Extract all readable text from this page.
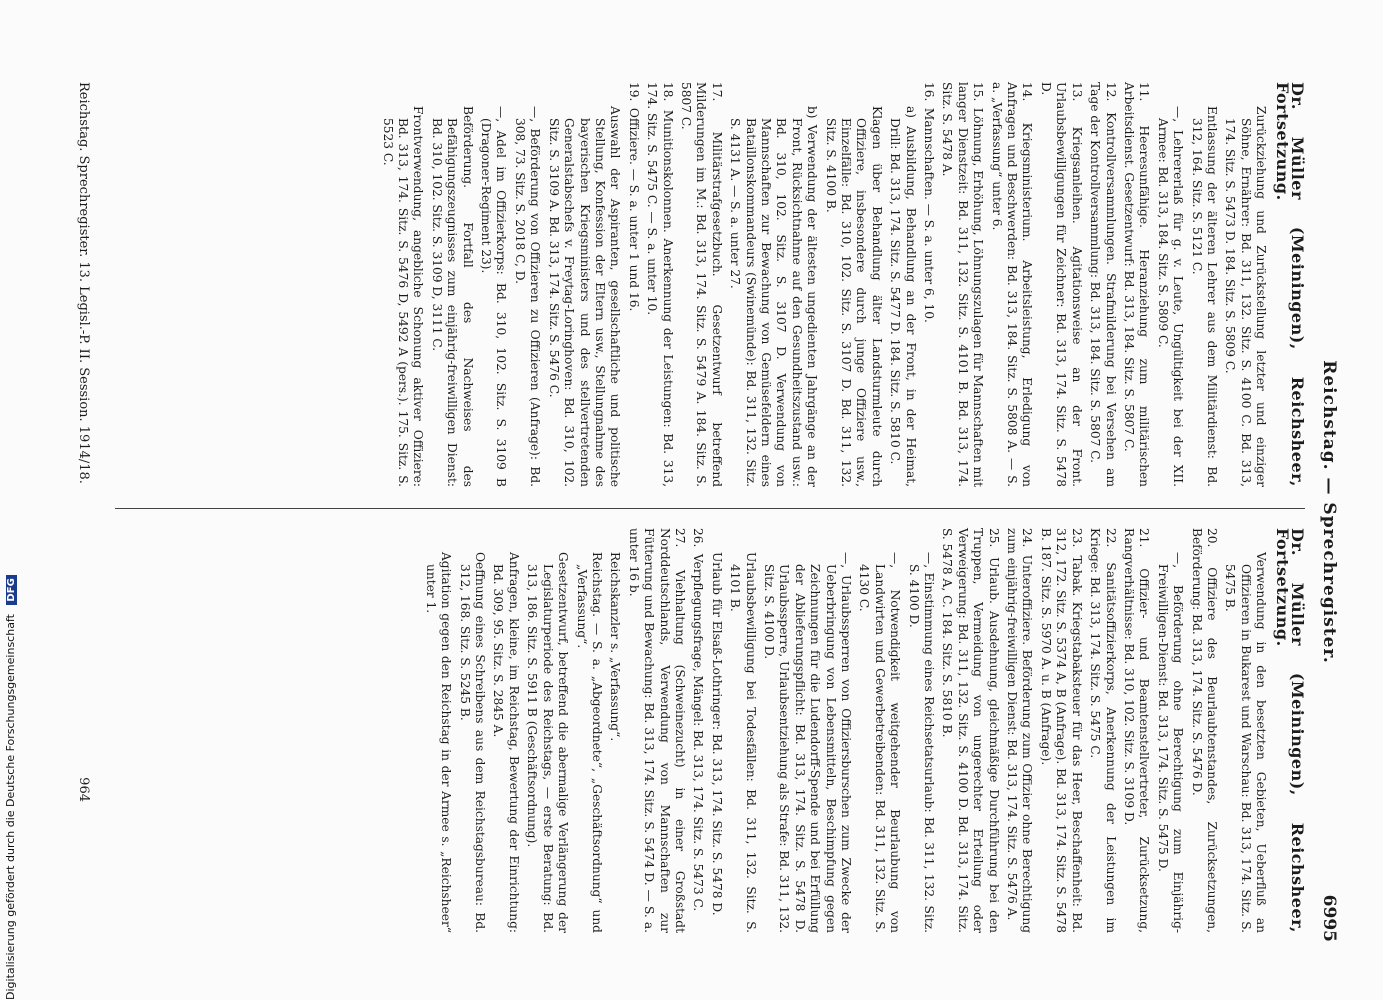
Reichstag. — Sprechregister.
6995
Dr. Müller (Meiningen), Reichsheer, Fortsetzung.
Zurückziehung und Zurückstellung letzter und einziger Söhne, Ernährer: Bd. 311, 132. Sitz. S. 4100 C. Bd. 313, 174. Sitz. S. 5473 D. 184. Sitz. S. 5809 C.
Entlassung der älteren Lehrer aus dem Militärdienst: Bd. 312, 164. Sitz. S. 5121 C.
—, Lehrererlaß für g. v. Leute, Ungültigkeit bei der XII. Armee: Bd. 313, 184. Sitz. S. 5809 C.
11. Heeresunfähige. Heranziehung zum militärischen Arbeitsdienst. Gesetzentwurf: Bd. 313, 184. Sitz. S. 5807 C.
12. Kontrollversammlungen. Strafmilderung bei Versehen am Tage der Kontrollversammlung: Bd. 313, 184. Sitz. S. 5807 C.
13. Kriegsanleihen. Agitationsweise an der Front. Urlaubsbewilligungen für Zeichner: Bd. 313, 174. Sitz. S. 5478 D.
14. Kriegsministerium. Arbeitsleistung, Erledigung von Anfragen und Beschwerden: Bd. 313, 184. Sitz. S. 5808 A. — S. a. „Verfassung“ unter 6.
15. Löhnung, Erhöhung, Löhnungszulagen für Mannschaften mit langer Dienstzeit: Bd. 311, 132. Sitz. S. 4101 B. Bd. 313, 174. Sitz. S. 5478 A.
16. Mannschaften. — S. a. unter 6, 10.
a) Ausbildung, Behandlung an der Front, in der Heimat, Drill: Bd. 313, 174. Sitz. S. 5477 D. 184. Sitz. S. 5810 C.
Klagen über Behandlung älter Landsturmleute durch Offiziere, insbesondere durch junge Offiziere usw., Einzelfälle: Bd. 310, 102. Sitz. S. 3107 D. Bd. 311, 132. Sitz. S. 4100 B.
b) Verwendung der ältesten ungedienten Jahrgänge an der Front, Rücksichtnahme auf den Gesundheitszustand usw.: Bd. 310, 102. Sitz. S. 3107 D. Verwendung von Mannschaften zur Bewachung von Gemüsefeldern eines Bataillonskommandeurs (Swinemünde): Bd. 311, 132. Sitz. S. 4131 A. — S. a. unter 27.
17. Militärstrafgesetzbuch. Gesetzentwurf betreffend Milderungen im M.: Bd. 313, 174. Sitz. S. 5479 A. 184. Sitz. S. 5807 C.
18. Munitionskolonnen. Anerkennung der Leistungen: Bd. 313, 174. Sitz. S. 5475 C. — S. a. unter 10.
19. Offiziere. — S. a. unter 1 und 16.
Auswahl der Aspiranten, gesellschaftliche und politische Stellung, Konfession der Eltern usw., Stellungnahme des bayerischen Kriegsministers und des stellvertretenden Generalstabschefs v. Freytag-Loringhoven: Bd. 310, 102. Sitz. S. 3109 A. Bd. 313, 174. Sitz. S. 5476 C.
—, Beförderung von Offizieren zu Offizieren (Anfrage): Bd. 308, 73. Sitz. S. 2018 C, D.
—, Adel im Offizierkorps: Bd. 310, 102. Sitz. S. 3109 B (Dragoner-Regiment 23).
Beförderung. Fortfall des Nachweises des Befähigungszeugnisses zum einjährig-freiwilligen Dienst: Bd. 310, 102. Sitz. S. 3109 D, 3111 C.
Frontverwendung, angebliche Schonung aktiver Offiziere: Bd. 313, 174. Sitz. S. 5476 D, 5492 A (pers.). 175. Sitz. S. 5523 C.
Dr. Müller (Meiningen), Reichsheer, Fortsetzung.
Verwendung in den besetzten Gebieten, Ueberfluß an Offizieren in Bukarest und Warschau: Bd. 313, 174. Sitz. S. 5475 B.
20. Offiziere des Beurlaubtenstandes, Zurücksetzungen, Beförderung: Bd. 313, 174. Sitz. S. 5476 D.
—, Beförderung ohne Berechtigung zum Einjährig-Freiwilligen-Dienst: Bd. 313, 174. Sitz. S. 5475 D.
21. Offizier- und Beamtenstellvertreter, Zurücksetzung, Rangverhältnisse: Bd. 310, 102. Sitz. S. 3109 D.
22. Sanitätsoffizierkorps, Anerkennung der Leistungen im Kriege: Bd. 313, 174. Sitz. S. 5475 C.
23. Tabak. Kriegstabaksteuer für das Heer, Beschaffenheit: Bd. 312, 172. Sitz. S. 5374 A, B (Anfrage). Bd. 313, 174. Sitz. S. 5478 B. 187. Sitz. S. 5970 A. u. B (Anfrage).
24. Unteroffiziere. Beförderung zum Offizier ohne Berechtigung zum einjährig-freiwilligen Dienst: Bd. 313, 174. Sitz. S. 5476 A.
25. Urlaub. Ausdehnung, gleichmäßige Durchführung bei den Truppen, Vermeidung von ungerechter Erteilung oder Verweigerung: Bd. 311, 132. Sitz. S. 4100 D. Bd. 313, 174. Sitz. S. 5478 A, C. 184. Sitz. S. 5810 B.
—, Einstimmung eines Reichsetatsurlaub: Bd. 311, 132. Sitz. S. 4100 D.
—, Notwendigkeit weitgehender Beurlaubung von Landwirten und Gewerbetreibenden: Bd. 311, 132. Sitz. S. 4130 C.
—, Urlaubssperren von Offiziersburschen zum Zwecke der Ueberbringung von Lebensmitteln, Beschimpfung gegen Zeichnungen für die Ludendorff-Spende und bei Erfüllung der Ablieferungspflicht: Bd. 313, 174. Sitz. S. 5478 D. Urlaubssperre, Urlaubsentziehung als Strafe: Bd. 311, 132. Sitz. S. 4100 D.
Urlaubsbewilligung bei Todesfällen: Bd. 311, 132. Sitz. S. 4101 B.
Urlaub für Elsaß-Lothringer: Bd. 313, 174. Sitz. S. 5478 D.
26. Verpflegungsfrage, Mängel: Bd. 313, 174. Sitz. S. 5473 C.
27. Viehhaltung (Schweinezucht) in einer Großstadt Norddeutschlands, Verwendung von Mannschaften zur Fütterung und Bewachung: Bd. 313, 174. Sitz. S. 5474 D. — S. a. unter 16 b.
Reichskanzler s. „Verfassung“.
Reichstag. — S. a. „Abgeordnete“, „Geschäftsordnung“ und „Verfassung“.
Gesetzentwurf, betreffend die abermalige Verlängerung der Legislaturperiode des Reichstags, — erste Beratung: Bd. 313, 186. Sitz. S. 5911 B (Geschäftsordnung).
Anfragen, kleine, im Reichstag, Bewertung der Einrichtung: Bd. 309, 95. Sitz. S. 2845 A.
Oeffnung eines Schreibens aus dem Reichstagsbureau: Bd. 312, 168. Sitz. S. 5245 B.
Agitation gegen den Reichstag in der Armee s. „Reichsheer“ unter 1.
Reichstag. Sprechregister. 13. Legisl.-P. II. Session. 1914/18.
964
Digitalisierung gefördert durch die Deutsche Forschungsgemeinschaft DFG
